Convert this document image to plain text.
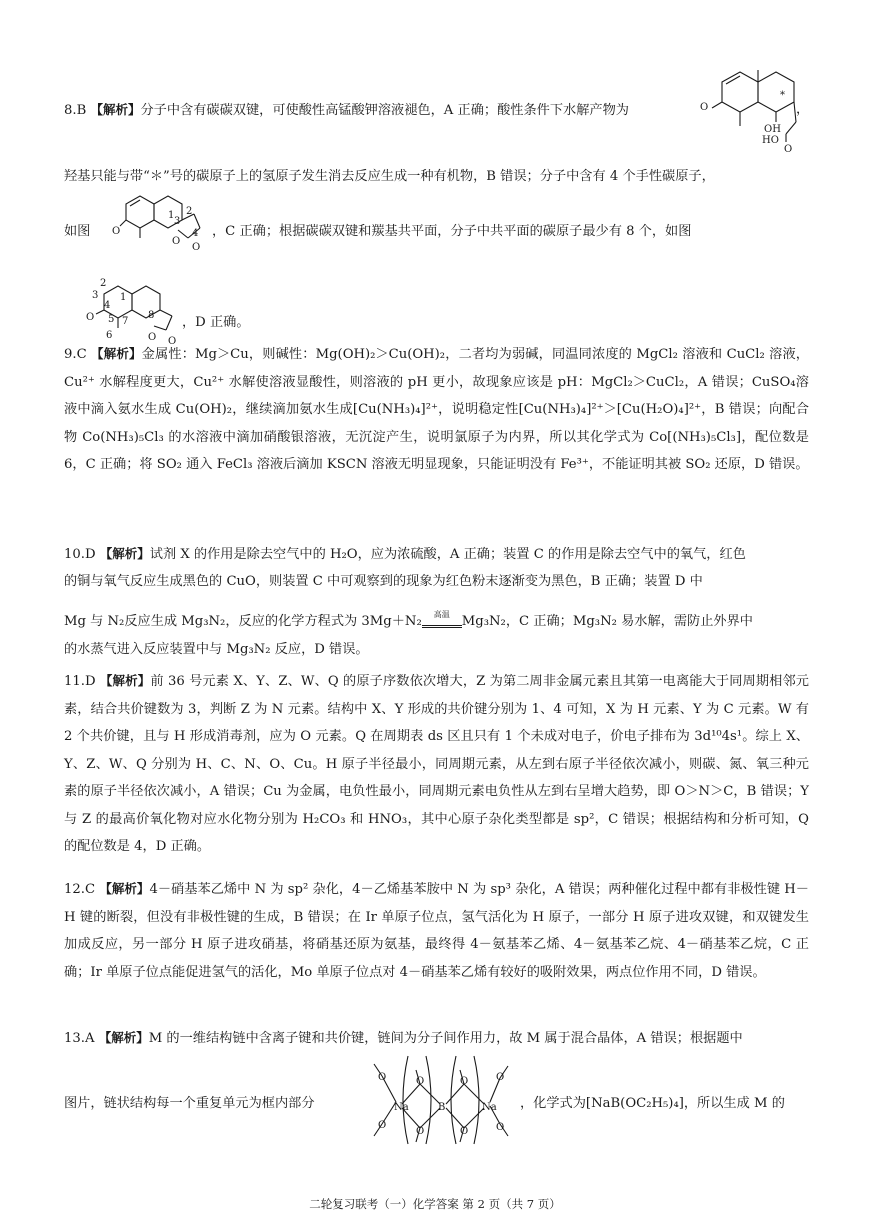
8.B 【解析】分子中含有碳碳双键，可使酸性高锰酸钾溶液褪色，A 正确；酸性条件下水解产物为	，
O
*
OH
HO
O
羟基只能与带“＊”号的碳原子上的氢原子发生消去反应生成一种有机物，B 错误；分子中含有 4 个手性碳原子，
如图 O
1
3
2
4
O
O
，C 正确；根据碳碳双键和羰基共平面，分子中共平面的碳原子最少有 8 个，如图
2
3 1
4
5 7
8
6
O
O O
，D 正确。
9.C 【解析】金属性：Mg＞Cu，则碱性：Mg(OH)₂＞Cu(OH)₂，二者均为弱碱，同温同浓度的 MgCl₂ 溶液和 CuCl₂ 溶液，Cu²⁺ 水解程度更大，Cu²⁺ 水解使溶液显酸性，则溶液的 pH 更小，故现象应该是 pH：MgCl₂＞CuCl₂，A 错误；CuSO₄溶液中滴入氨水生成 Cu(OH)₂，继续滴加氨水生成[Cu(NH₃)₄]²⁺，说明稳定性[Cu(NH₃)₄]²⁺＞[Cu(H₂O)₄]²⁺，B 错误；向配合物 Co(NH₃)₅Cl₃ 的水溶液中滴加硝酸银溶液，无沉淀产生，说明氯原子为内界，所以其化学式为 Co[(NH₃)₅Cl₃]，配位数是 6，C 正确；将 SO₂ 通入 FeCl₃ 溶液后滴加 KSCN 溶液无明显现象，只能证明没有 Fe³⁺，不能证明其被 SO₂ 还原，D 错误。
10.D 【解析】试剂 X 的作用是除去空气中的 H₂O，应为浓硫酸，A 正确；装置 C 的作用是除去空气中的氧气，红色
的铜与氧气反应生成黑色的 CuO，则装置 C 中可观察到的现象为红色粉末逐渐变为黑色，B 正确；装置 D 中
Mg 与 N₂反应生成 Mg₃N₂，反应的化学方程式为 3Mg＋N₂	高温 Mg₃N₂，C 正确；Mg₃N₂ 易水解，需防止外界中
的水蒸气进入反应装置中与 Mg₃N₂ 反应，D 错误。
11.D 【解析】前 36 号元素 X、Y、Z、W、Q 的原子序数依次增大，Z 为第二周非金属元素且其第一电离能大于同周期相邻元素，结合共价键数为 3，判断 Z 为 N 元素。结构中 X、Y 形成的共价键分别为 1、4 可知，X 为 H 元素、Y 为 C 元素。W 有 2 个共价键，且与 H 形成消毒剂，应为 O 元素。Q 在周期表 ds 区且只有 1 个未成对电子，价电子排布为 3d¹⁰4s¹。综上 X、Y、Z、W、Q 分别为 H、C、N、O、Cu。H 原子半径最小，同周期元素，从左到右原子半径依次减小，则碳、氮、氧三种元素的原子半径依次减小，A 错误；Cu 为金属，电负性最小，同周期元素电负性从左到右呈增大趋势，即 O＞N＞C，B 错误；Y 与 Z 的最高价氧化物对应水化物分别为 H₂CO₃ 和 HNO₃，其中心原子杂化类型都是 sp²，C 错误；根据结构和分析可知，Q 的配位数是 4，D 正确。
12.C 【解析】4－硝基苯乙烯中 N 为 sp² 杂化，4－乙烯基苯胺中 N 为 sp³ 杂化，A 错误；两种催化过程中都有非极性键 H－H 键的断裂，但没有非极性键的生成，B 错误；在 Ir 单原子位点，氢气活化为 H 原子，一部分 H 原子进攻双键，和双键发生加成反应，另一部分 H 原子进攻硝基，将硝基还原为氨基，最终得 4－氨基苯乙烯、4－氨基苯乙烷、4－硝基苯乙烷，C 正确；Ir 单原子位点能促进氢气的活化，Mo 单原子位点对 4－硝基苯乙烯有较好的吸附效果，两点位作用不同，D 错误。
13.A 【解析】M 的一维结构链中含离子键和共价键，链间为分子间作用力，故 M 属于混合晶体，A 错误；根据题中
图片，链状结构每一个重复单元为框内部分	Na	B	Na
O	O
O	O
O
O
O
O
，化学式为[NaB(OC₂H₅)₄]，所以生成 M 的
二轮复习联考（一）化学答案 第 2 页（共 7 页）
